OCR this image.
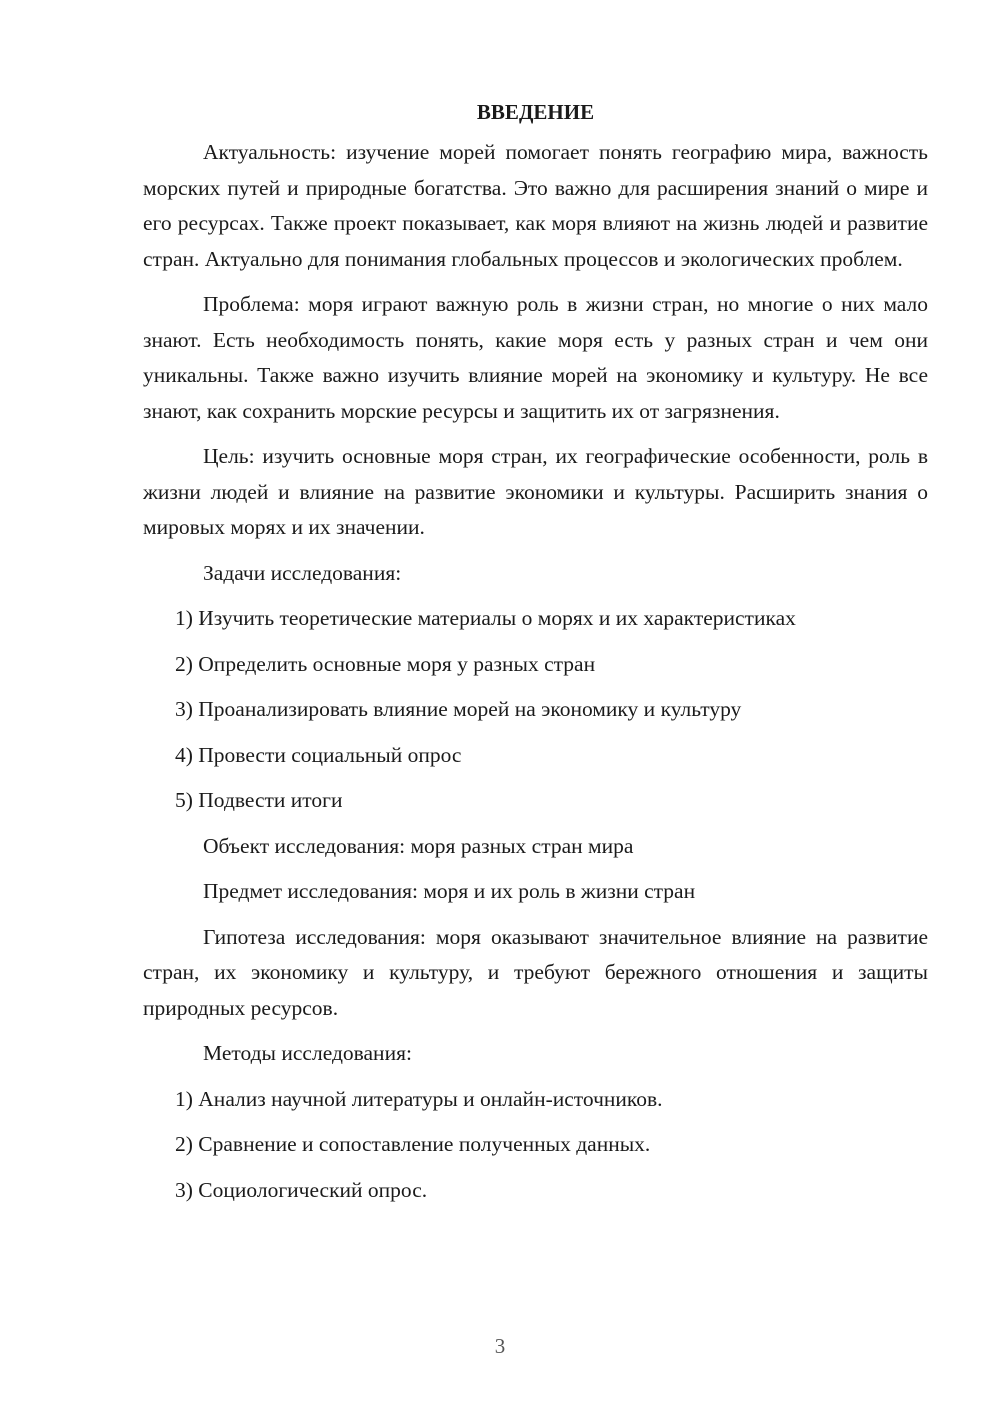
ВВЕДЕНИЕ

Актуальность: изучение морей помогает понять географию мира, важность морских путей и природные богатства. Это важно для расширения знаний о мире и его ресурсах. Также проект показывает, как моря влияют на жизнь людей и развитие стран. Актуально для понимания глобальных процессов и экологических проблем.

Проблема: моря играют важную роль в жизни стран, но многие о них мало знают. Есть необходимость понять, какие моря есть у разных стран и чем они уникальны. Также важно изучить влияние морей на экономику и культуру. Не все знают, как сохранить морские ресурсы и защитить их от загрязнения.

Цель: изучить основные моря стран, их географические особенности, роль в жизни людей и влияние на развитие экономики и культуры. Расширить знания о мировых морях и их значении.

Задачи исследования:
1) Изучить теоретические материалы о морях и их характеристиках
2) Определить основные моря у разных стран
3) Проанализировать влияние морей на экономику и культуру
4) Провести социальный опрос
5) Подвести итоги
Объект исследования: моря разных стран мира
Предмет исследования: моря и их роль в жизни стран

Гипотеза исследования: моря оказывают значительное влияние на развитие стран, их экономику и культуру, и требуют бережного отношения и защиты природных ресурсов.

Методы исследования:
1) Анализ научной литературы и онлайн-источников.
2) Сравнение и сопоставление полученных данных.
3) Социологический опрос.
3
